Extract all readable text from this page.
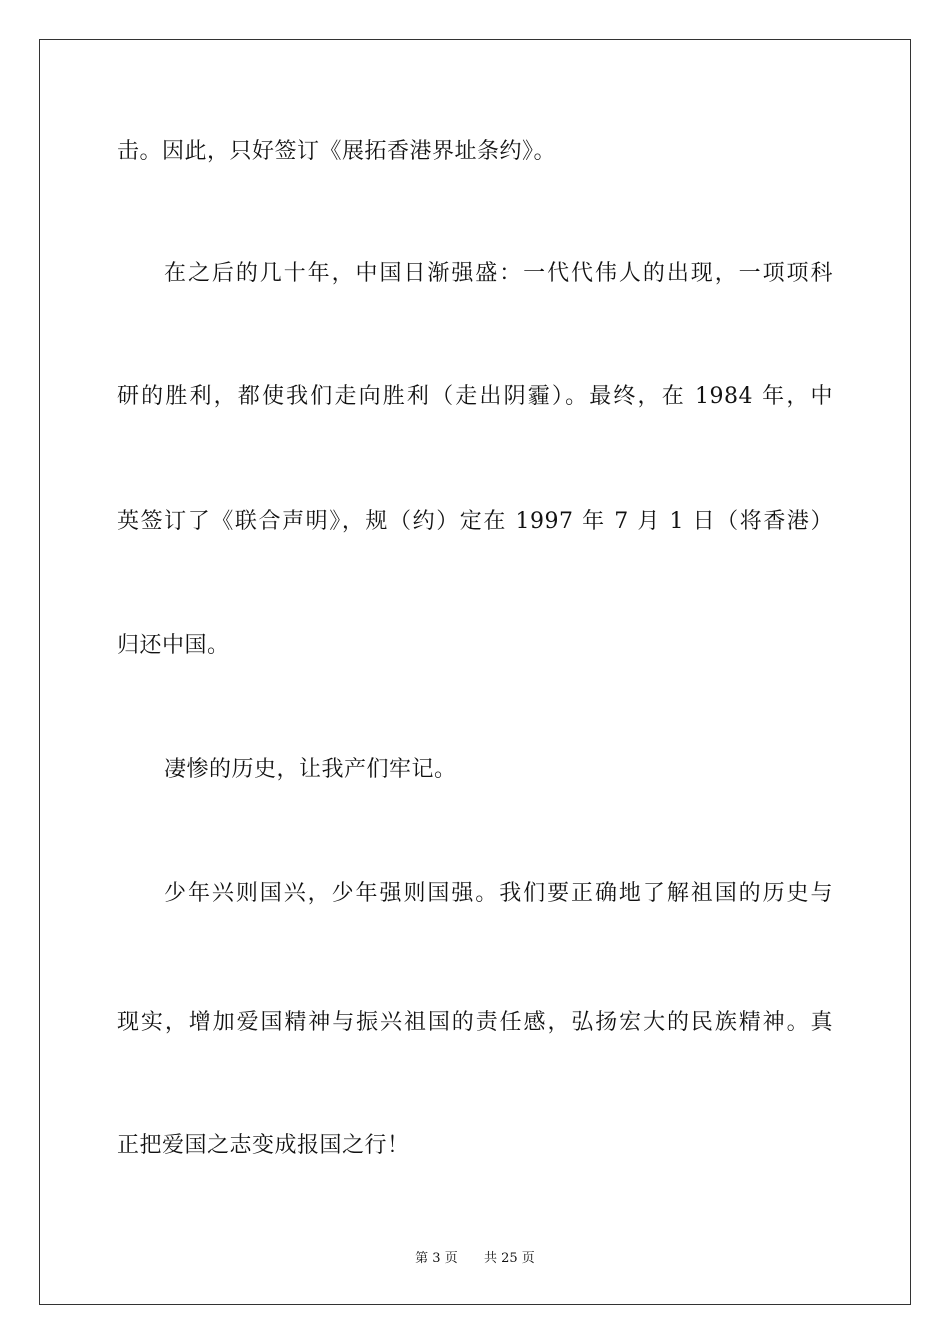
击。因此，只好签订《展拓香港界址条约》。
在之后的几十年，中国日渐强盛：一代代伟人的出现，一项项科
研的胜利，都使我们走向胜利（走出阴霾）。最终，在 1984 年，中
英签订了《联合声明》，规（约）定在 1997 年 7 月 1 日（将香港）
归还中国。
凄惨的历史，让我产们牢记。
少年兴则国兴，少年强则国强。我们要正确地了解祖国的历史与
现实，增加爱国精神与振兴祖国的责任感，弘扬宏大的民族精神。真
正把爱国之志变成报国之行！
第 3 页 共 25 页
